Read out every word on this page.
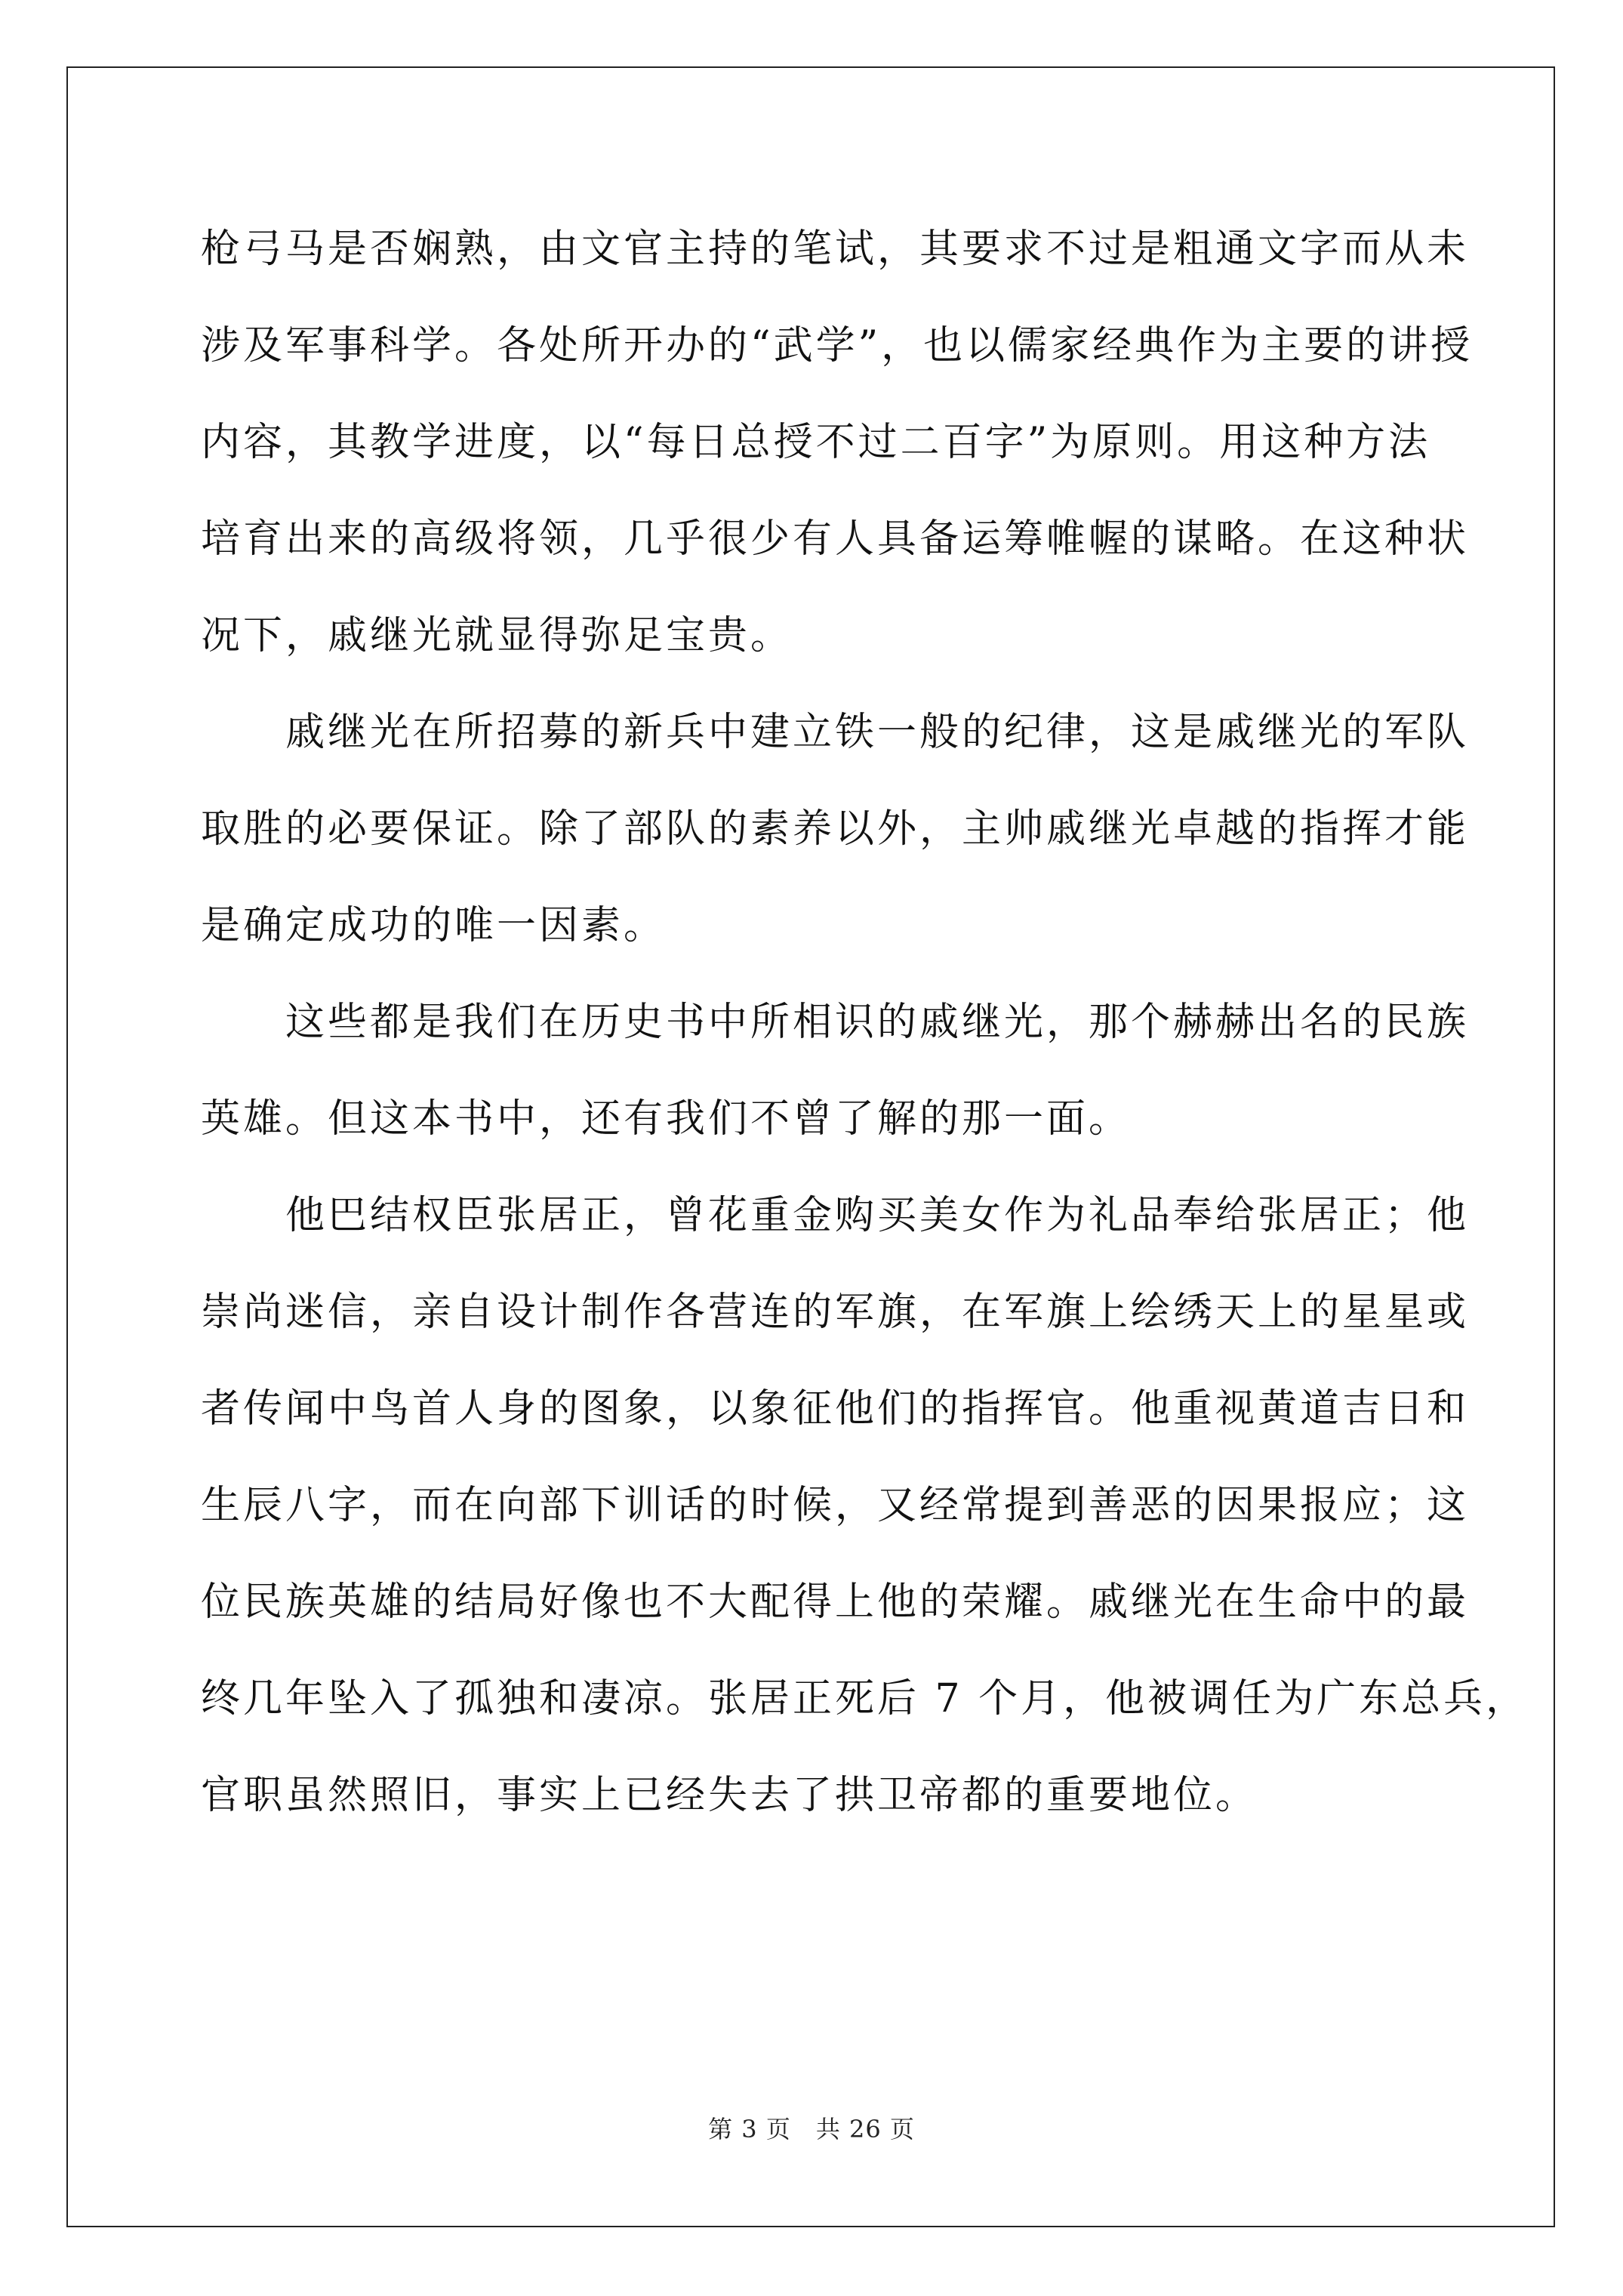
枪弓马是否娴熟，由文官主持的笔试，其要求不过是粗通文字而从未
涉及军事科学。各处所开办的“武学”，也以儒家经典作为主要的讲授
内容，其教学进度，以“每日总授不过二百字”为原则。用这种方法
培育出来的高级将领，几乎很少有人具备运筹帷幄的谋略。在这种状
况下，戚继光就显得弥足宝贵。
　　戚继光在所招募的新兵中建立铁一般的纪律，这是戚继光的军队
取胜的必要保证。除了部队的素养以外，主帅戚继光卓越的指挥才能
是确定成功的唯一因素。
　　这些都是我们在历史书中所相识的戚继光，那个赫赫出名的民族
英雄。但这本书中，还有我们不曾了解的那一面。
　　他巴结权臣张居正，曾花重金购买美女作为礼品奉给张居正；他
崇尚迷信，亲自设计制作各营连的军旗，在军旗上绘绣天上的星星或
者传闻中鸟首人身的图象，以象征他们的指挥官。他重视黄道吉日和
生辰八字，而在向部下训话的时候，又经常提到善恶的因果报应；这
位民族英雄的结局好像也不大配得上他的荣耀。戚继光在生命中的最
终几年坠入了孤独和凄凉。张居正死后 7 个月，他被调任为广东总兵，
官职虽然照旧，事实上已经失去了拱卫帝都的重要地位。
第 3 页　共 26 页
